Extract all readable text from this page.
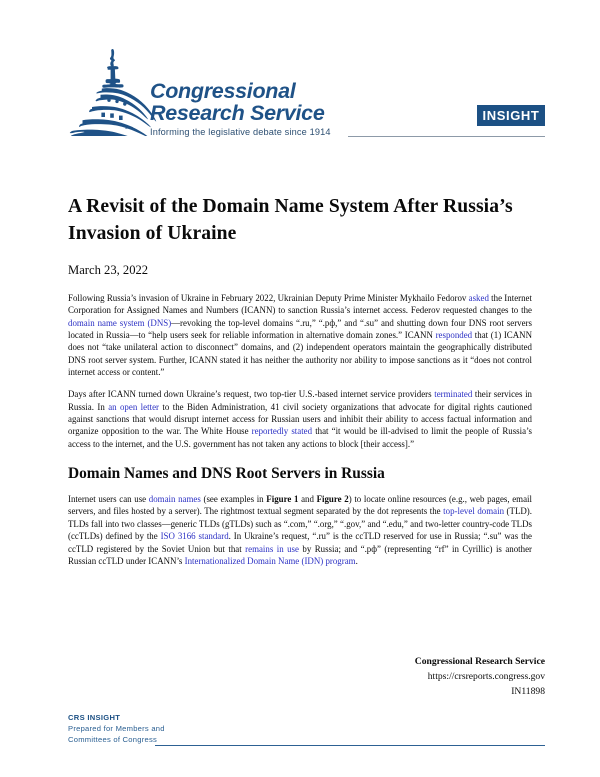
Congressional
Research Service
Informing the legislative debate since 1914
INSIGHT
A Revisit of the Domain Name System After Russia’s Invasion of Ukraine
March 23, 2022

Following Russia’s invasion of Ukraine in February 2022, Ukrainian Deputy Prime Minister Mykhailo Fedorov asked the Internet Corporation for Assigned Names and Numbers (ICANN) to sanction Russia’s internet access. Federov requested changes to the domain name system (DNS)—revoking the top-level domains “.ru,” “.рф,” and “.su” and shutting down four DNS root servers located in Russia—to “help users seek for reliable information in alternative domain zones.” ICANN responded that (1) ICANN does not “take unilateral action to disconnect” domains, and (2) independent operators maintain the geographically distributed DNS root server system. Further, ICANN stated it has neither the authority nor ability to impose sanctions as it “does not control internet access or content.”

Days after ICANN turned down Ukraine’s request, two top-tier U.S.-based internet service providers terminated their services in Russia. In an open letter to the Biden Administration, 41 civil society organizations that advocate for digital rights cautioned against sanctions that would disrupt internet access for Russian users and inhibit their ability to access factual information and organize opposition to the war. The White House reportedly stated that “it would be ill-advised to limit the people of Russia’s access to the internet, and the U.S. government has not taken any actions to block [their access].”

Domain Names and DNS Root Servers in Russia

Internet users can use domain names (see examples in Figure 1 and Figure 2) to locate online resources (e.g., web pages, email servers, and files hosted by a server). The rightmost textual segment separated by the dot represents the top-level domain (TLD). TLDs fall into two classes—generic TLDs (gTLDs) such as “.com,” “.org,” “.gov,” and “.edu,” and two-letter country-code TLDs (ccTLDs) defined by the ISO 3166 standard. In Ukraine’s request, “.ru” is the ccTLD reserved for use in Russia; “.su” was the ccTLD registered by the Soviet Union but that remains in use by Russia; and “.рф” (representing “rf” in Cyrillic) is another Russian ccTLD under ICANN’s Internationalized Domain Name (IDN) program.

Congressional Research Service
https://crsreports.congress.gov
IN11898
CRS INSIGHT
Prepared for Members and
Committees of Congress
